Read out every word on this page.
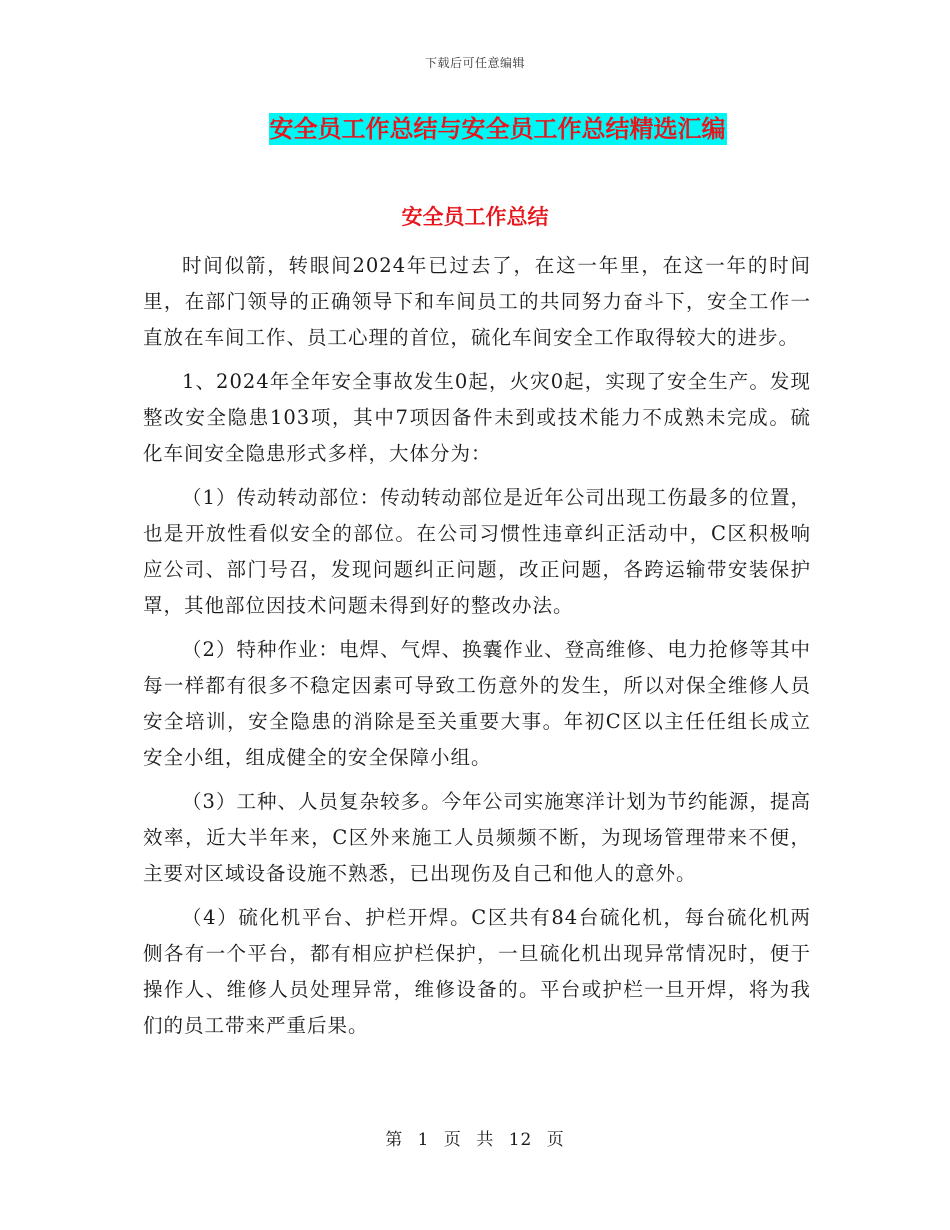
下载后可任意编辑
安全员工作总结与安全员工作总结精选汇编
安全员工作总结

时间似箭，转眼间2024年已过去了，在这一年里，在这一年的时间里，在部门领导的正确领导下和车间员工的共同努力奋斗下，安全工作一直放在车间工作、员工心理的首位，硫化车间安全工作取得较大的进步。

1、2024年全年安全事故发生0起，火灾0起，实现了安全生产。发现整改安全隐患103项，其中7项因备件未到或技术能力不成熟未完成。硫化车间安全隐患形式多样，大体分为：

（1）传动转动部位：传动转动部位是近年公司出现工伤最多的位置，也是开放性看似安全的部位。在公司习惯性违章纠正活动中，C区积极响应公司、部门号召，发现问题纠正问题，改正问题，各跨运输带安装保护罩，其他部位因技术问题未得到好的整改办法。

（2）特种作业：电焊、气焊、换囊作业、登高维修、电力抢修等其中每一样都有很多不稳定因素可导致工伤意外的发生，所以对保全维修人员安全培训，安全隐患的消除是至关重要大事。年初C区以主任任组长成立安全小组，组成健全的安全保障小组。

（3）工种、人员复杂较多。今年公司实施寒洋计划为节约能源，提高效率，近大半年来，C区外来施工人员频频不断，为现场管理带来不便，主要对区域设备设施不熟悉，已出现伤及自己和他人的意外。

（4）硫化机平台、护栏开焊。C区共有84台硫化机，每台硫化机两侧各有一个平台，都有相应护栏保护，一旦硫化机出现异常情况时，便于操作人、维修人员处理异常，维修设备的。平台或护栏一旦开焊，将为我们的员工带来严重后果。

第 1 页 共 12 页
